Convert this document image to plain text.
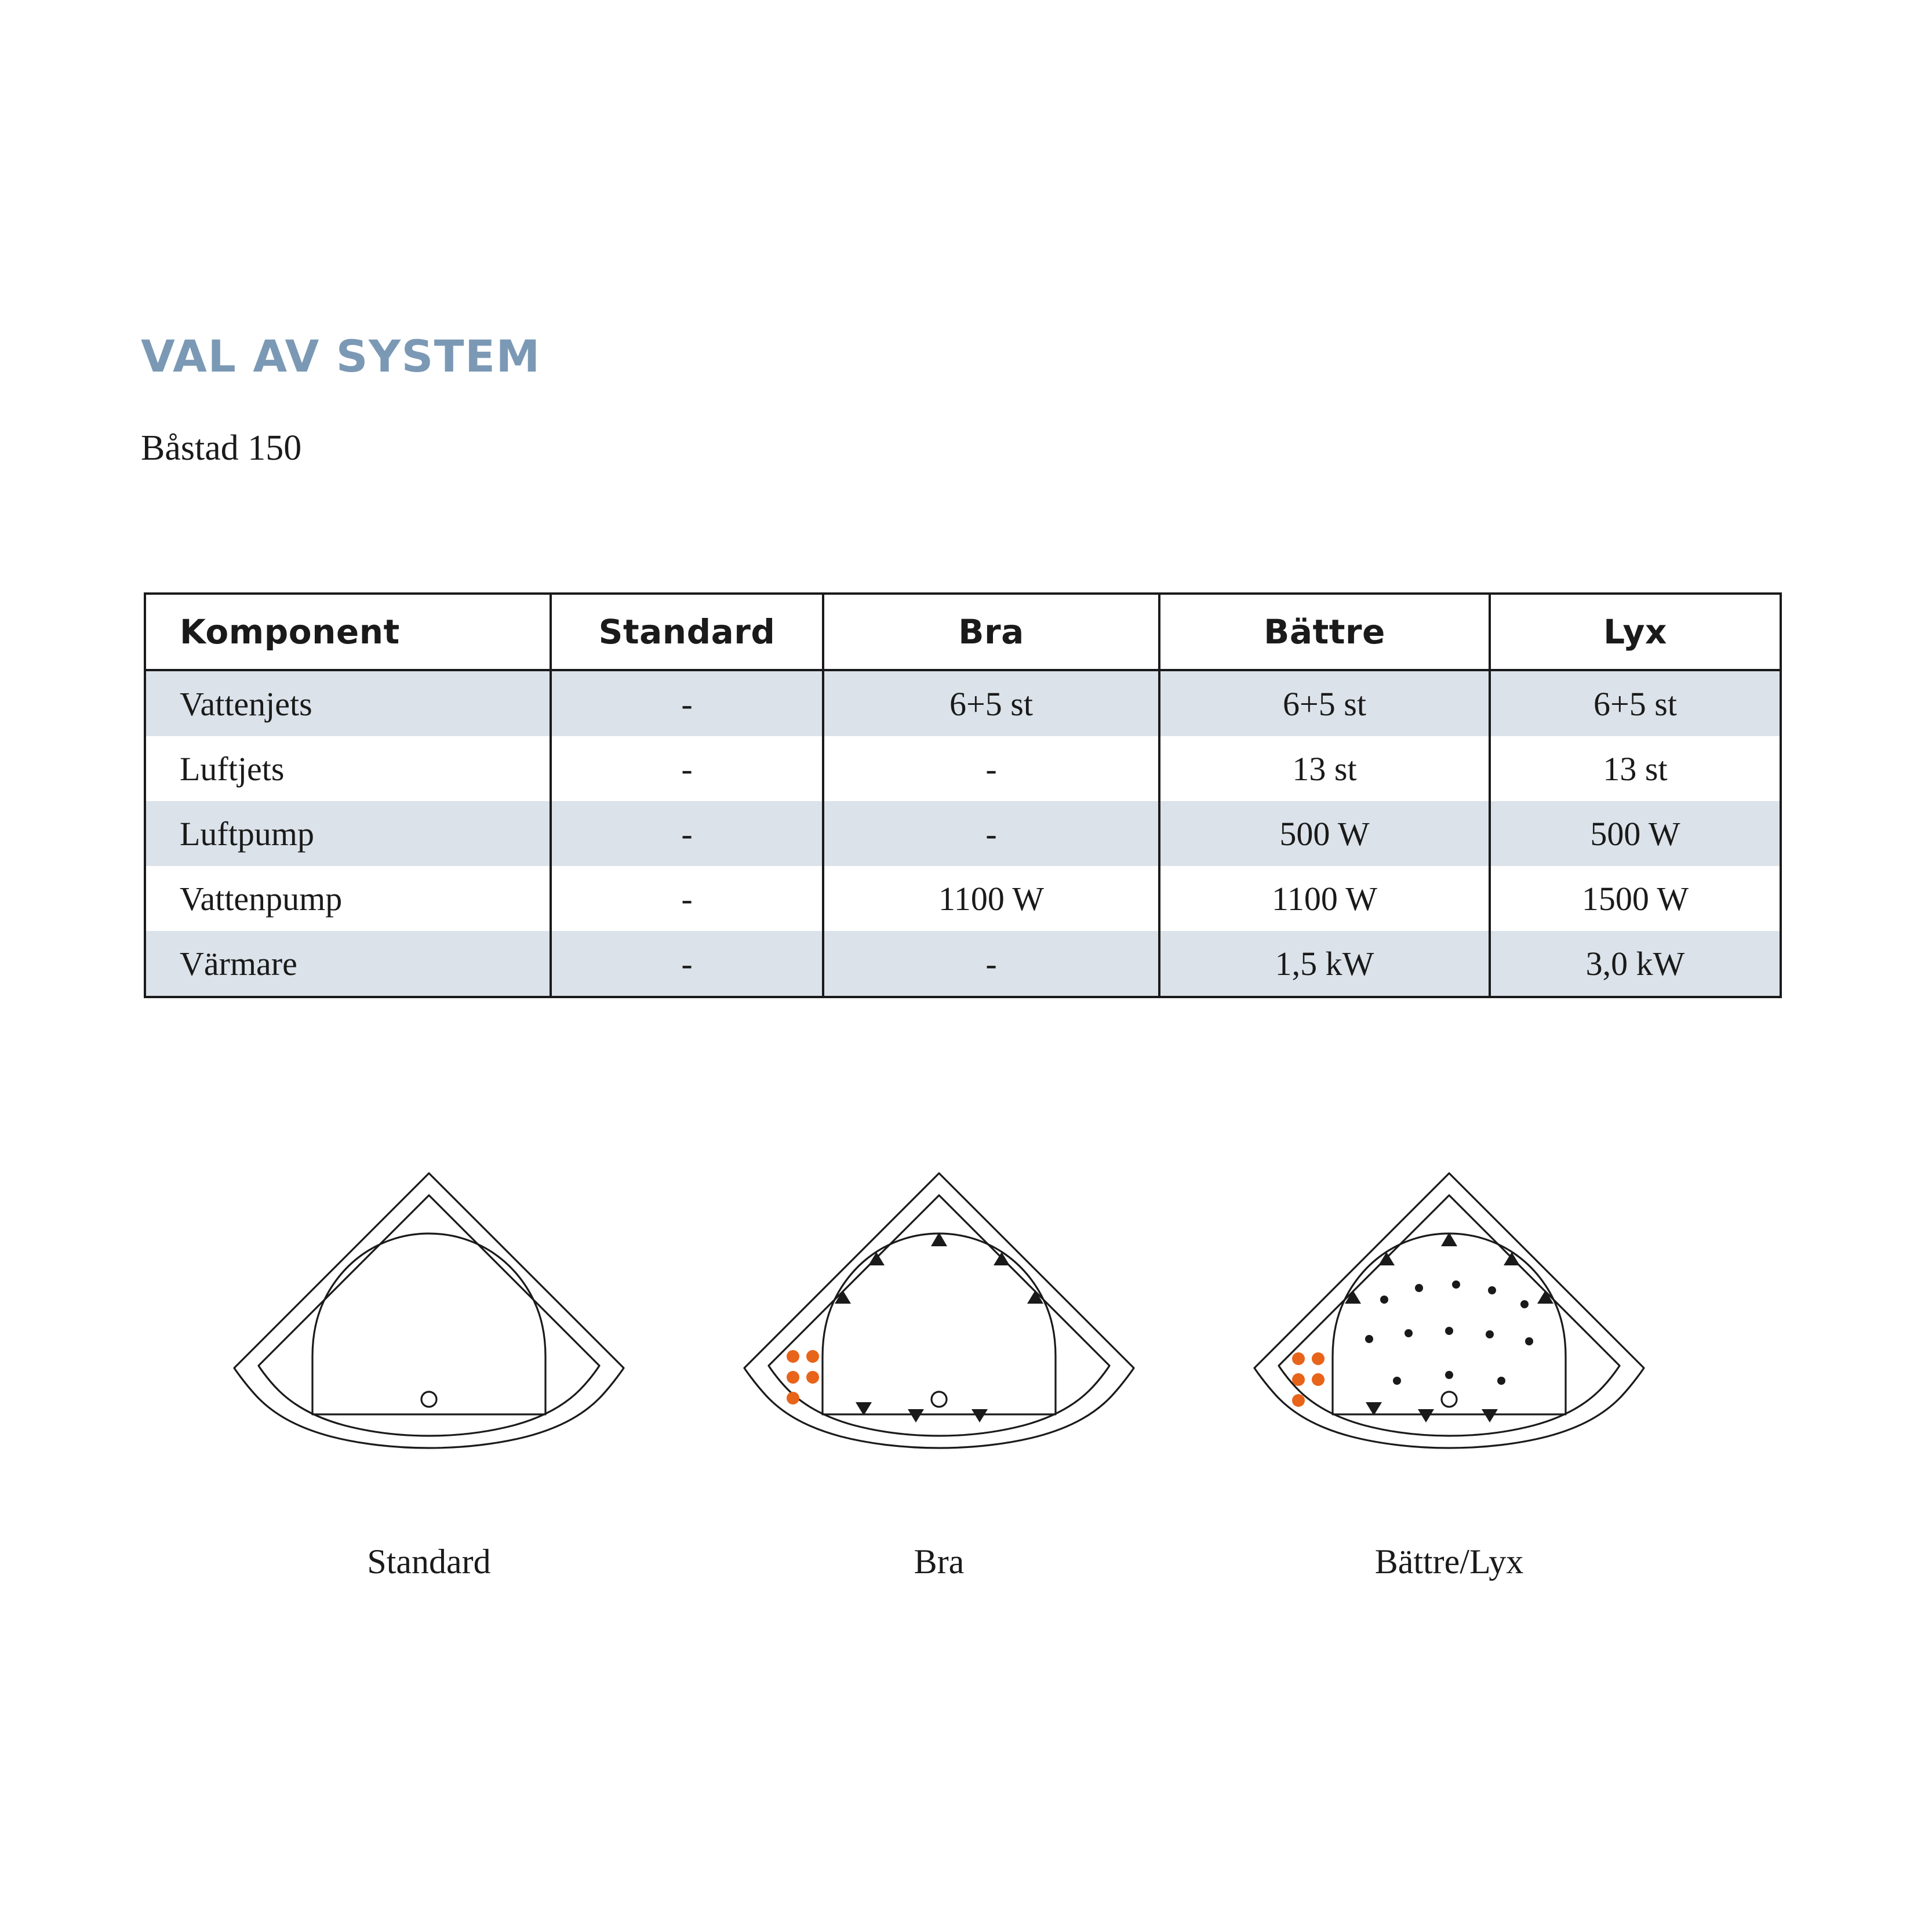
VAL AV SYSTEM
Båstad 150
Komponent	Standard	Bra	Bättre	Lyx
Vattenjets	-	6+5 st	6+5 st	6+5 st
Luftjets	-	-	13 st	13 st
Luftpump	-	-	500 W	500 W
Vattenpump	-	1100 W	1100 W	1500 W
Värmare	-	-	1,5 kW	3,0 kW
Standard	Bra	Bättre/Lyx
